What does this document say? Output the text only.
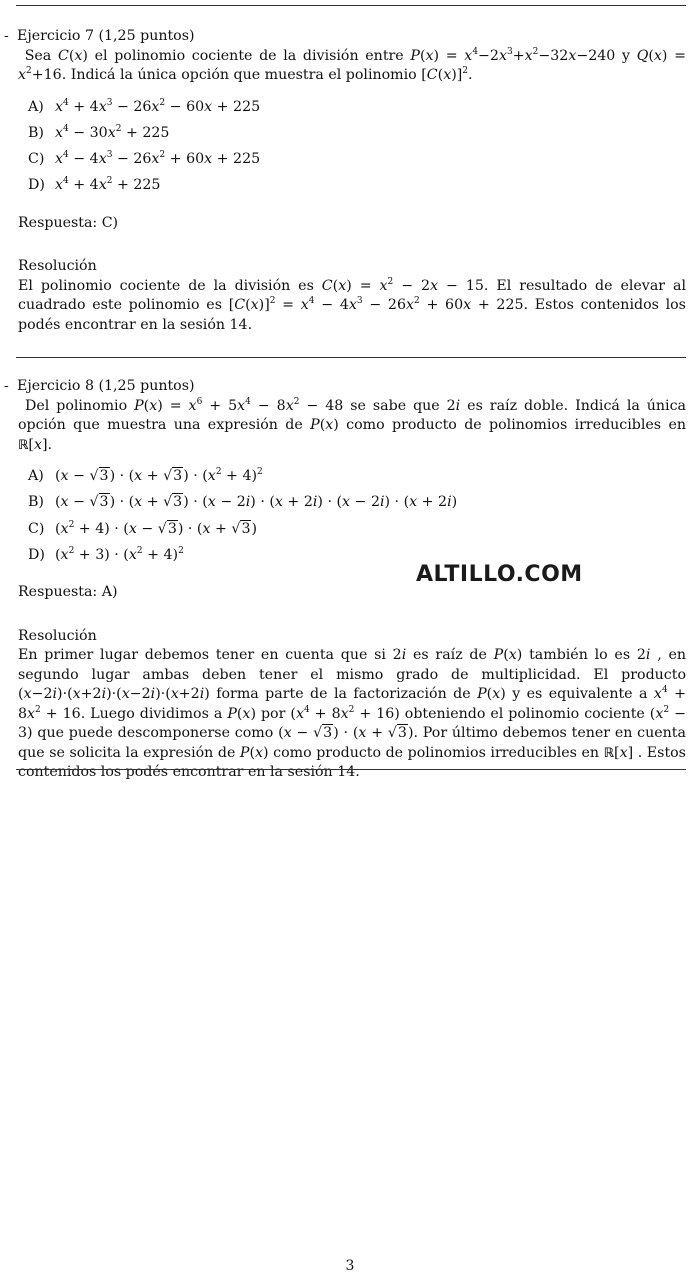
- Ejercicio 7 (1,25 puntos)
Sea C(x) el polinomio cociente de la división entre $P(x) = x^4-2x^3+x^2-32x-240$ y $Q(x) = x^2+16$. Indicá la única opción que muestra el polinomio $[C(x)]^2$.
A) $x^4 + 4x^3 - 26x^2 - 60x + 225$
B) $x^4 - 30x^2 + 225$
C) $x^4 - 4x^3 - 26x^2 + 60x + 225$
D) $x^4 + 4x^2 + 225$
Respuesta: C)
Resolución
El polinomio cociente de la división es $C(x) = x^2 - 2x - 15$. El resultado de elevar al cuadrado este polinomio es $[C(x)]^2 = x^4 - 4x^3 - 26x^2 + 60x + 225$. Estos contenidos los podés encontrar en la sesión 14.
- Ejercicio 8 (1,25 puntos)
Del polinomio $P(x) = x^6 + 5x^4 - 8x^2 - 48$ se sabe que 2i es raíz doble. Indicá la única opción que muestra una expresión de P(x) como producto de polinomios irreducibles en ℝ[x].
A) $(x - √3) \cdot (x + √3) \cdot (x^2 + 4)^2$
B) (x − √3) · (x + √3) · (x − 2i) · (x + 2i) · (x − 2i) · (x + 2i)
C) $(x^2 + 4) \cdot (x - √3) \cdot (x + √3)$
D) $(x^2 + 3) \cdot (x^2 + 4)^2$
Respuesta: A)
Resolución
En primer lugar debemos tener en cuenta que si 2i es raíz de P(x) también lo es 2i , en segundo lugar ambas deben tener el mismo grado de multiplicidad. El producto (x−2i)·(x+2i)·(x−2i)·(x+2i) forma parte de la factorización de P(x) y es equivalente a $x^4 + 8x^2 + 16$. Luego dividimos a P(x) por $(x^4 + 8x^2 + 16)$ obteniendo el polinomio cociente $(x^2 - 3)$ que puede descomponerse como (x − √3) · (x + √3). Por último debemos tener en cuenta que se solicita la expresión de P(x) como producto de polinomios irreducibles en ℝ[x] . Estos contenidos los podés encontrar en la sesión 14.
ALTILLO.COM
3
